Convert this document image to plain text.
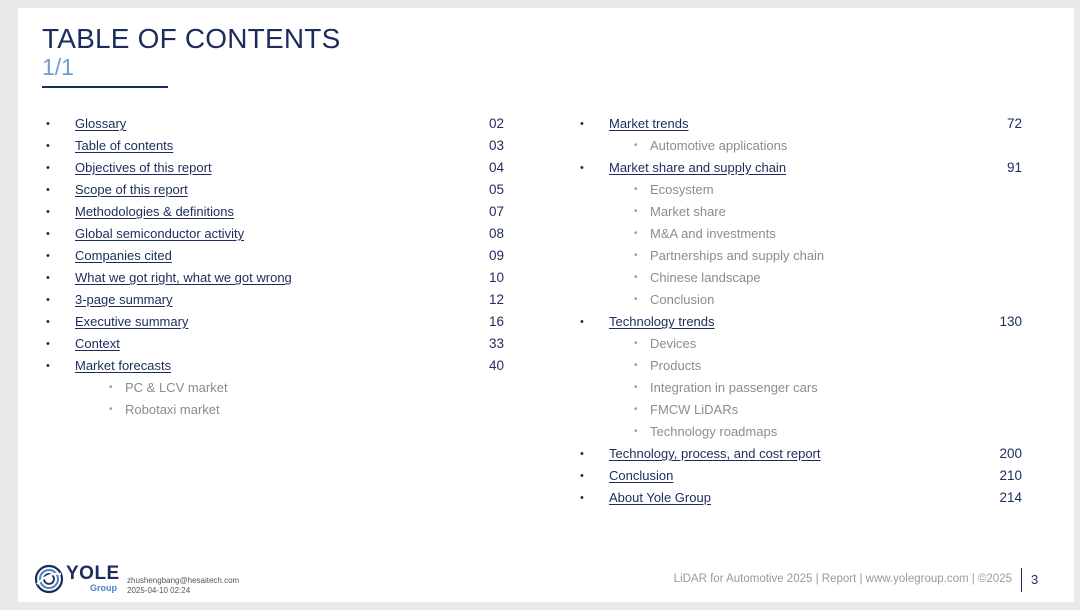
TABLE OF CONTENTS
1/1
•	Glossary	02
•	Table of contents	03
•	Objectives of this report	04
•	Scope of this report	05
•	Methodologies & definitions	07
•	Global semiconductor activity	08
•	Companies cited	09
•	What we got right, what we got wrong	10
•	3-page summary	12
•	Executive summary	16
•	Context	33
•	Market forecasts	40
• PC & LCV market
• Robotaxi market
•	Market trends	72
• Automotive applications
•	Market share and supply chain	91
• Ecosystem
• Market share
• M&A and investments
• Partnerships and supply chain
• Chinese landscape
• Conclusion
•	Technology trends	130
• Devices
• Products
• Integration in passenger cars
• FMCW LiDARs
• Technology roadmaps
•	Technology, process, and cost report	200
•	Conclusion	210
•	About Yole Group	214
YOLE
Group
zhushengbang@hesaitech.com
2025-04-10 02:24
LiDAR for Automotive 2025 | Report | www.yolegroup.com | ©2025 3
